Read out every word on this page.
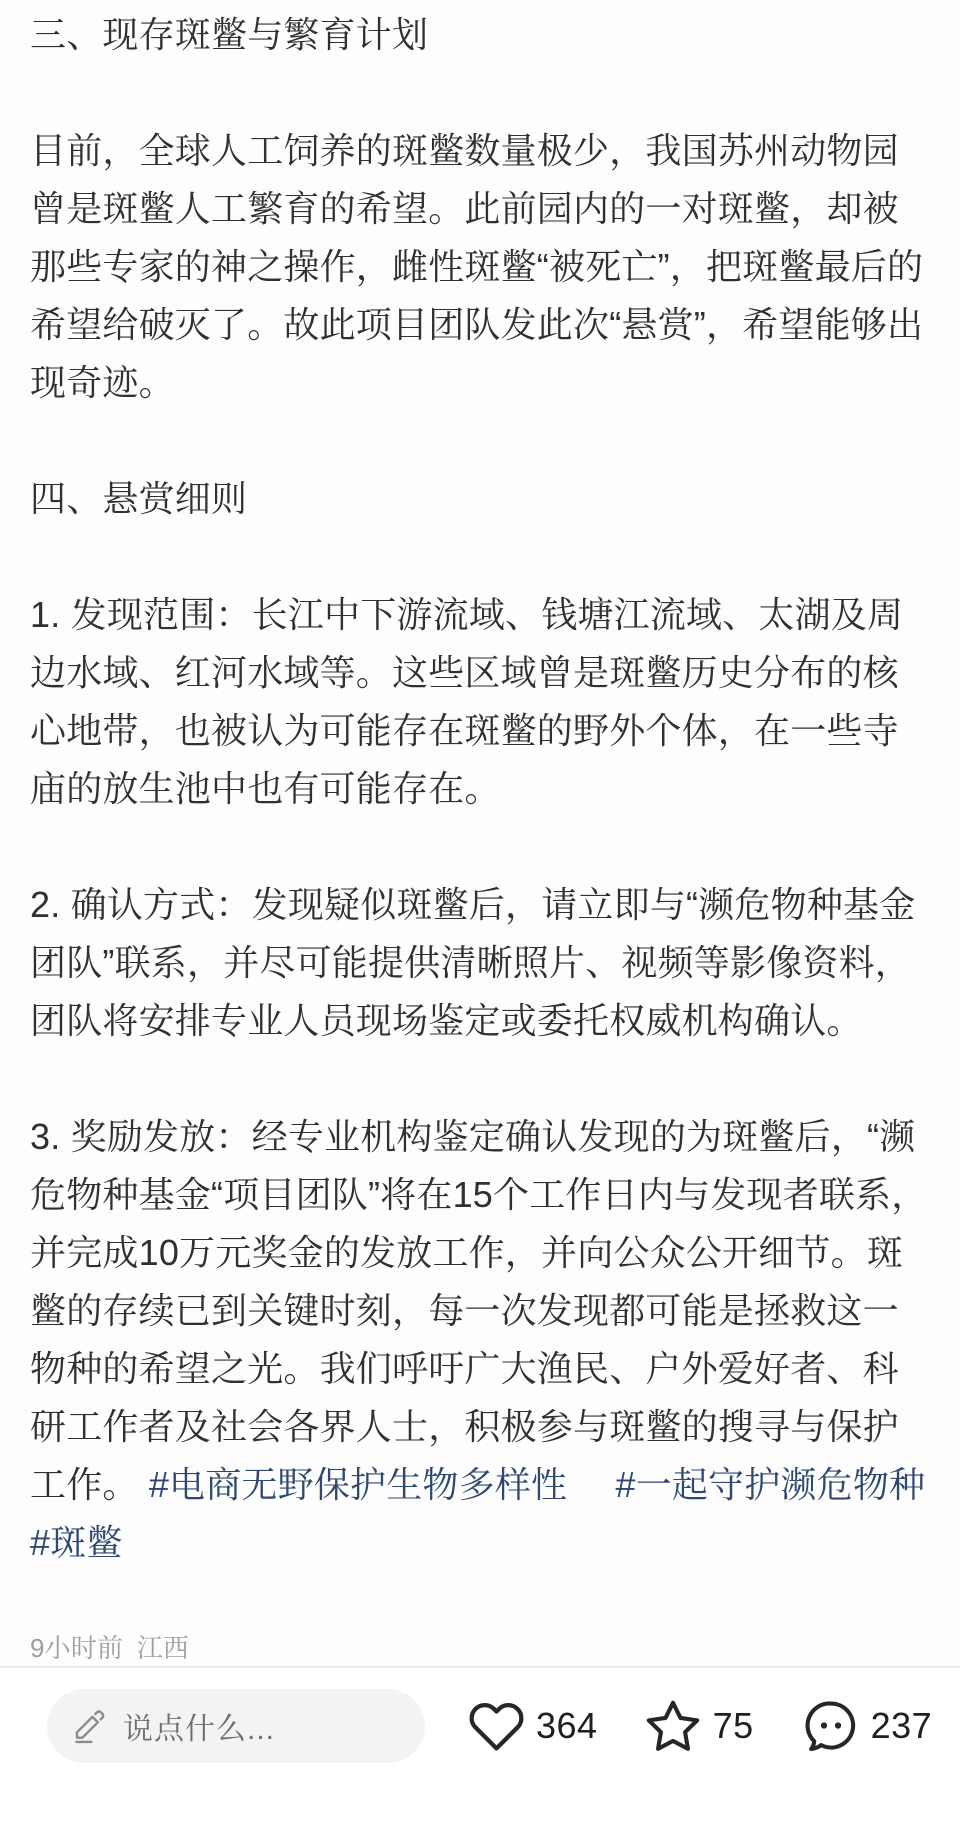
三、现存斑鳖与繁育计划

目前，全球人工饲养的斑鳖数量极少，我国苏州动物园曾是斑鳖人工繁育的希望。此前园内的一对斑鳖，却被那些专家的神之操作，雌性斑鳖“被死亡”，把斑鳖最后的希望给破灭了。故此项目团队发此次“悬赏”，希望能够出现奇迹。

四、悬赏细则

1. 发现范围：长江中下游流域、钱塘江流域、太湖及周边水域、红河水域等。这些区域曾是斑鳖历史分布的核心地带，也被认为可能存在斑鳖的野外个体，在一些寺庙的放生池中也有可能存在。

2. 确认方式：发现疑似斑鳖后，请立即与“濒危物种基金团队”联系，并尽可能提供清晰照片、视频等影像资料，团队将安排专业人员现场鉴定或委托权威机构确认。

3. 奖励发放：经专业机构鉴定确认发现的为斑鳖后，“濒危物种基金“项目团队”将在15个工作日内与发现者联系，并完成10万元奖金的发放工作，并向公众公开细节。斑鳖的存续已到关键时刻，每一次发现都可能是拯救这一物种的希望之光。我们呼吁广大渔民、户外爱好者、科研工作者及社会各界人士，积极参与斑鳖的搜寻与保护工作。 #电商无野保护生物多样性 #一起守护濒危物种 #斑鳖

9小时前 江西
说点什么...	364	75	237
